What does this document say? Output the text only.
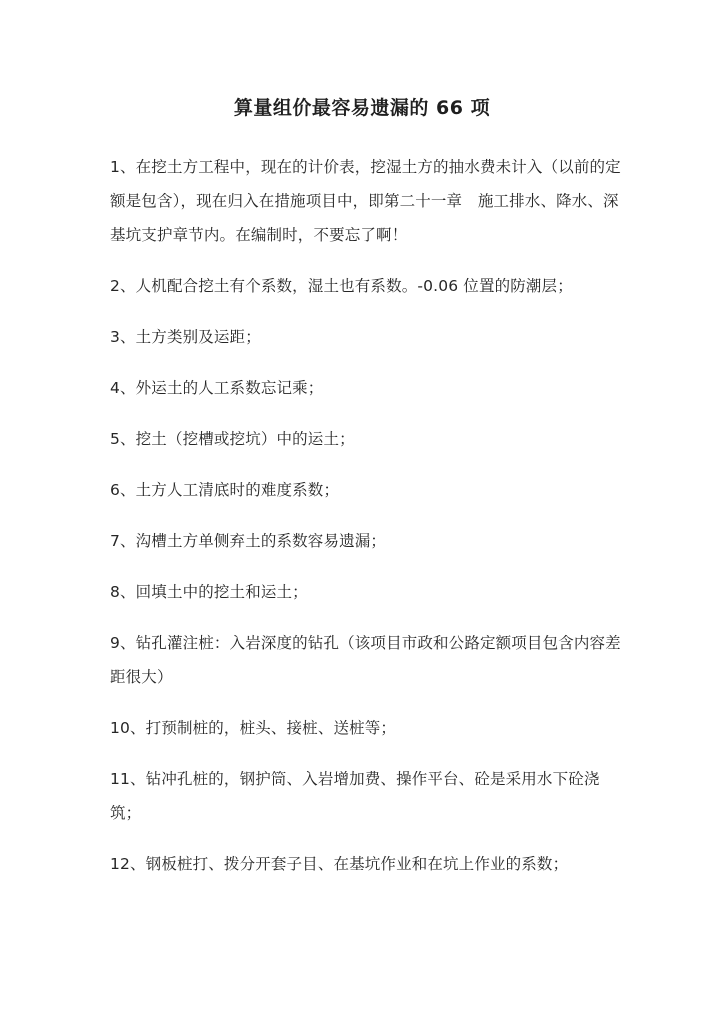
算量组价最容易遗漏的 66 项

1、在挖土方工程中，现在的计价表，挖湿土方的抽水费未计入（以前的定额是包含），现在归入在措施项目中，即第二十一章　施工排水、降水、深基坑支护章节内。在编制时，不要忘了啊！

2、人机配合挖土有个系数，湿土也有系数。-0.06 位置的防潮层；

3、土方类别及运距；

4、外运土的人工系数忘记乘；

5、挖土（挖槽或挖坑）中的运土；

6、土方人工清底时的难度系数；

7、沟槽土方单侧弃土的系数容易遗漏；

8、回填土中的挖土和运土；

9、钻孔灌注桩：入岩深度的钻孔（该项目市政和公路定额项目包含内容差距很大）

10、打预制桩的，桩头、接桩、送桩等；

11、钻冲孔桩的，钢护筒、入岩增加费、操作平台、砼是采用水下砼浇筑；

12、钢板桩打、拨分开套子目、在基坑作业和在坑上作业的系数；
